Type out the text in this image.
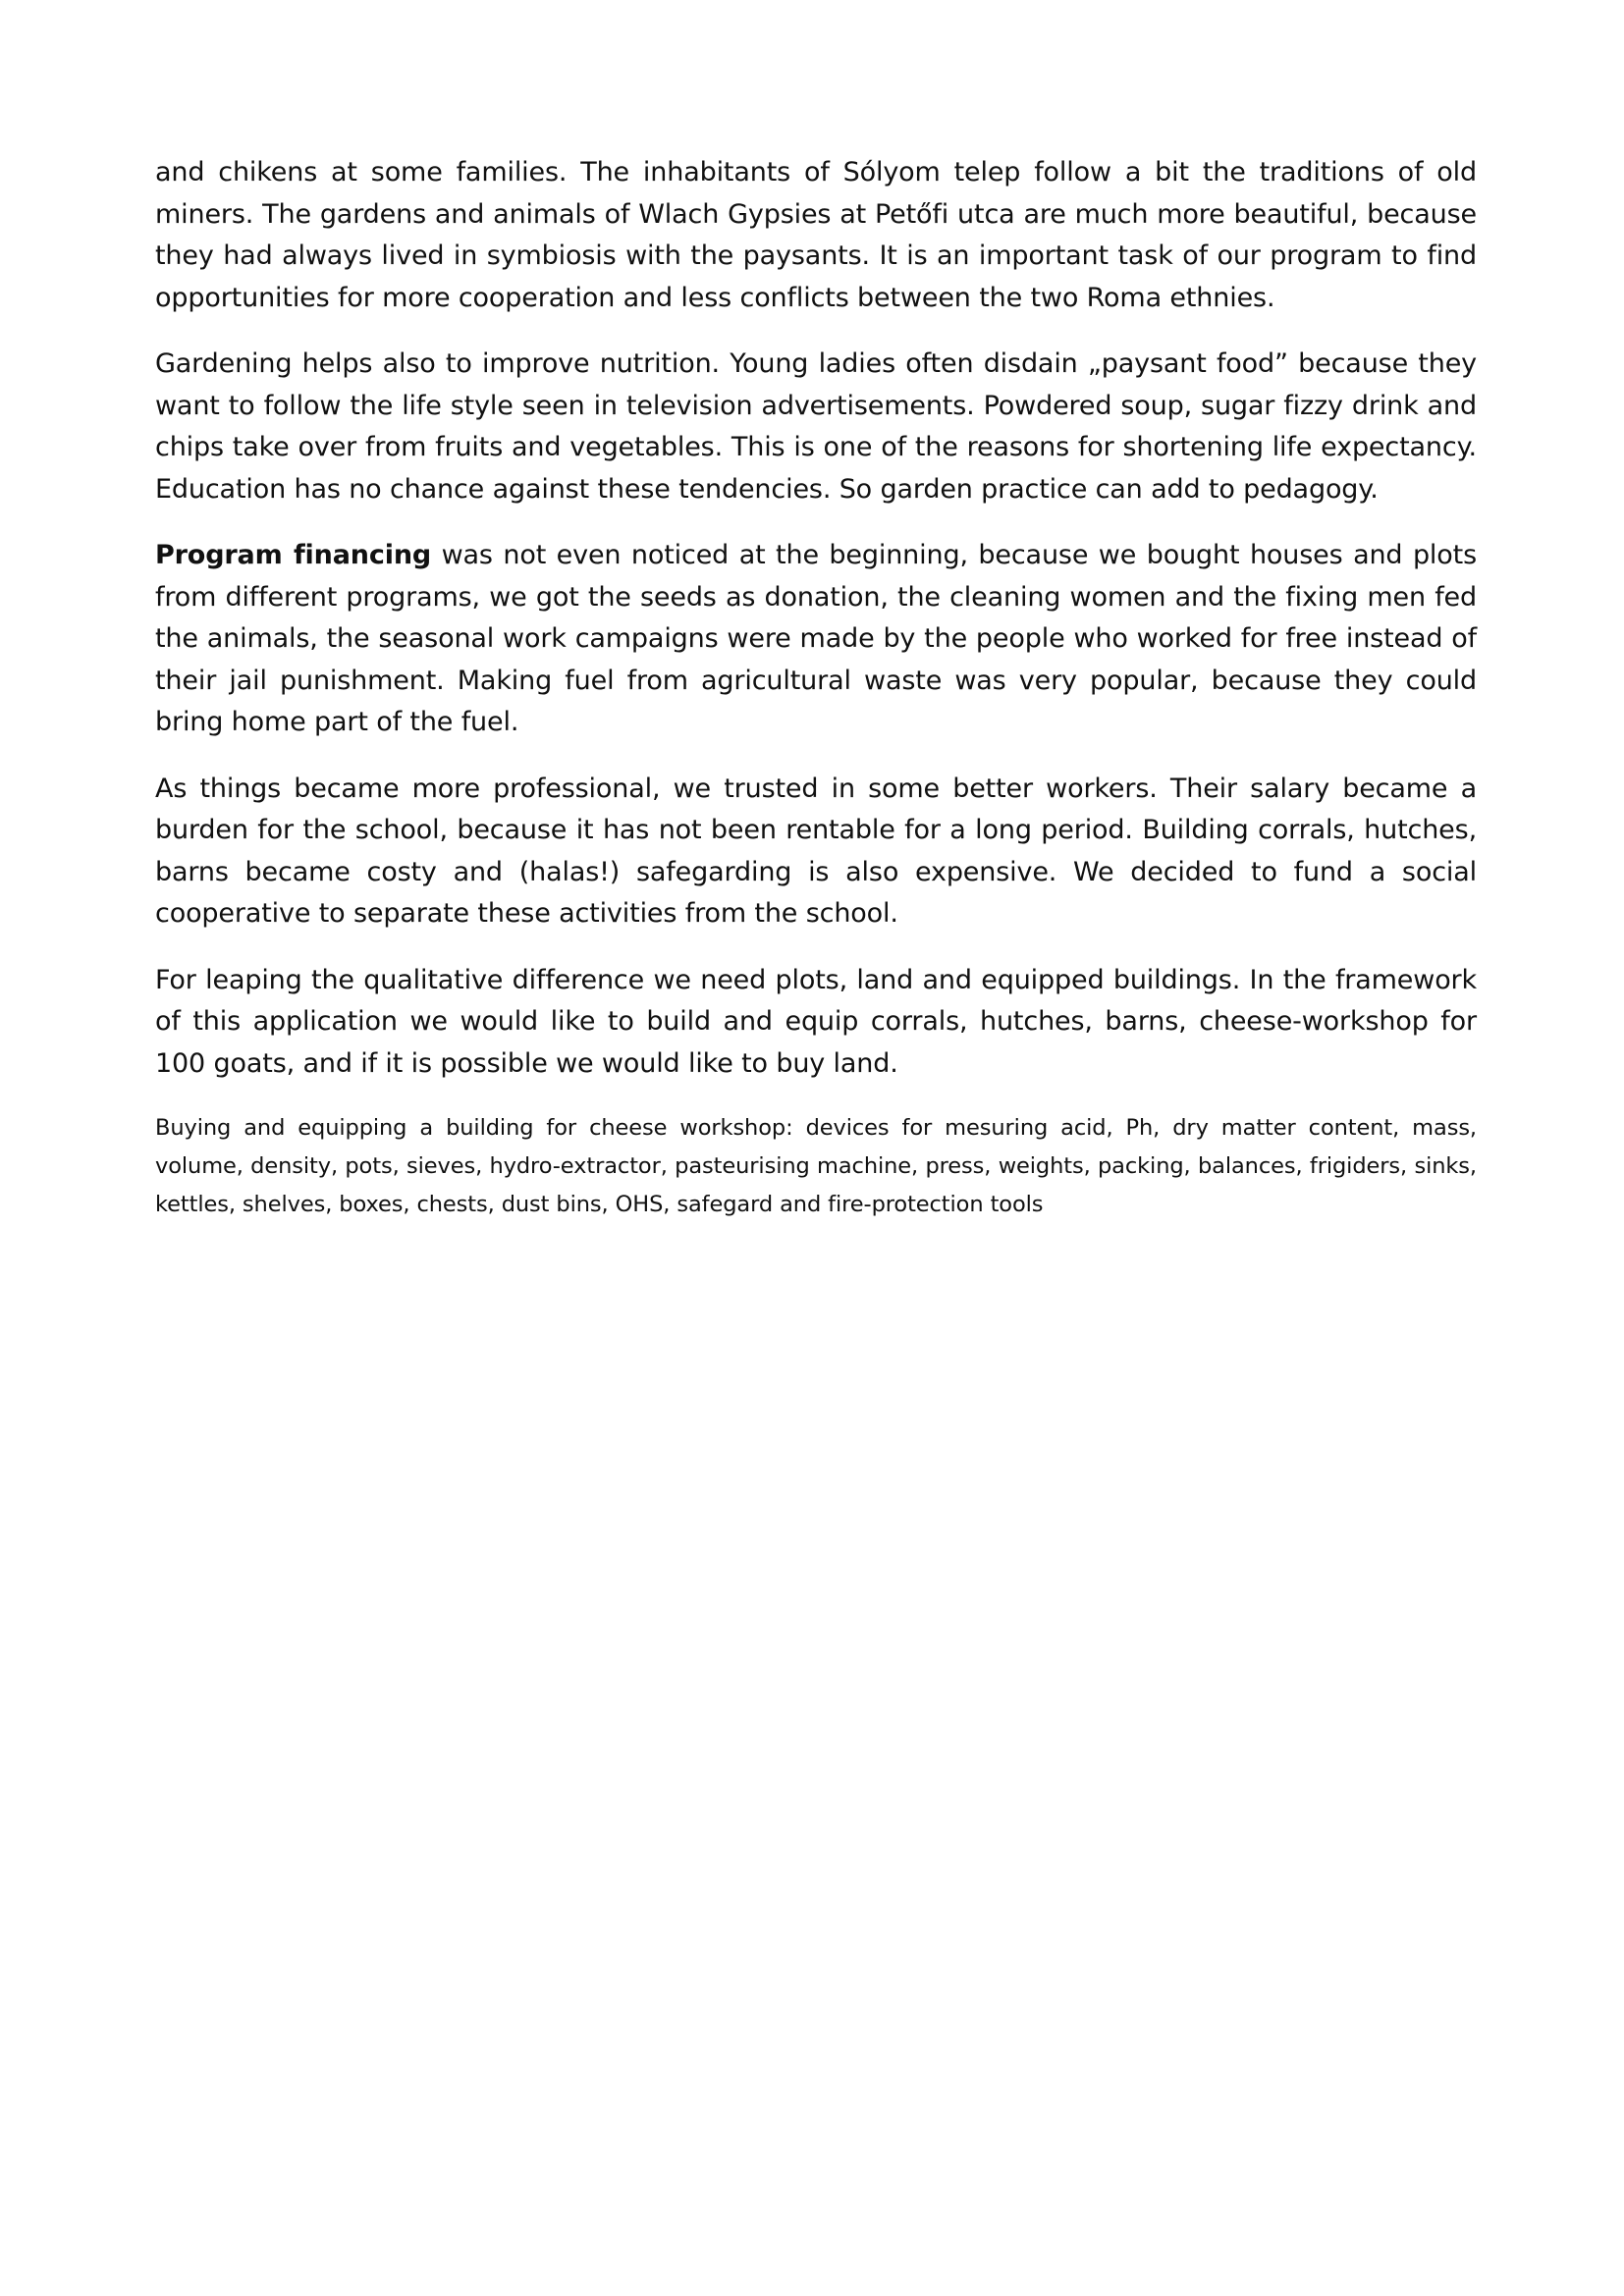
and chikens at some families. The inhabitants of Sólyom telep follow a bit the traditions of old miners. The gardens and animals of Wlach Gypsies at Petőfi utca are much more beautiful, because they had always lived in symbiosis with the paysants. It is an important task of our program to find opportunities for more cooperation and less conflicts between the two Roma ethnies.

Gardening helps also to improve nutrition. Young ladies often disdain „paysant food” because they want to follow the life style seen in television advertisements. Powdered soup, sugar fizzy drink and chips take over from fruits and vegetables. This is one of the reasons for shortening life expectancy. Education has no chance against these tendencies. So garden practice can add to pedagogy.

Program financing was not even noticed at the beginning, because we bought houses and plots from different programs, we got the seeds as donation, the cleaning women and the fixing men fed the animals, the seasonal work campaigns were made by the people who worked for free instead of their jail punishment. Making fuel from agricultural waste was very popular, because they could bring home part of the fuel.

As things became more professional, we trusted in some better workers. Their salary became a burden for the school, because it has not been rentable for a long period. Building corrals, hutches, barns became costy and (halas!) safegarding is also expensive. We decided to fund a social cooperative to separate these activities from the school.

For leaping the qualitative difference we need plots, land and equipped buildings. In the framework of this application we would like to build and equip corrals, hutches, barns, cheese-workshop for 100 goats, and if it is possible we would like to buy land.

Buying and equipping a building for cheese workshop: devices for mesuring acid, Ph, dry matter content, mass, volume, density, pots, sieves, hydro-extractor, pasteurising machine, press, weights, packing, balances, frigiders, sinks, kettles, shelves, boxes, chests, dust bins, OHS, safegard and fire-protection tools
